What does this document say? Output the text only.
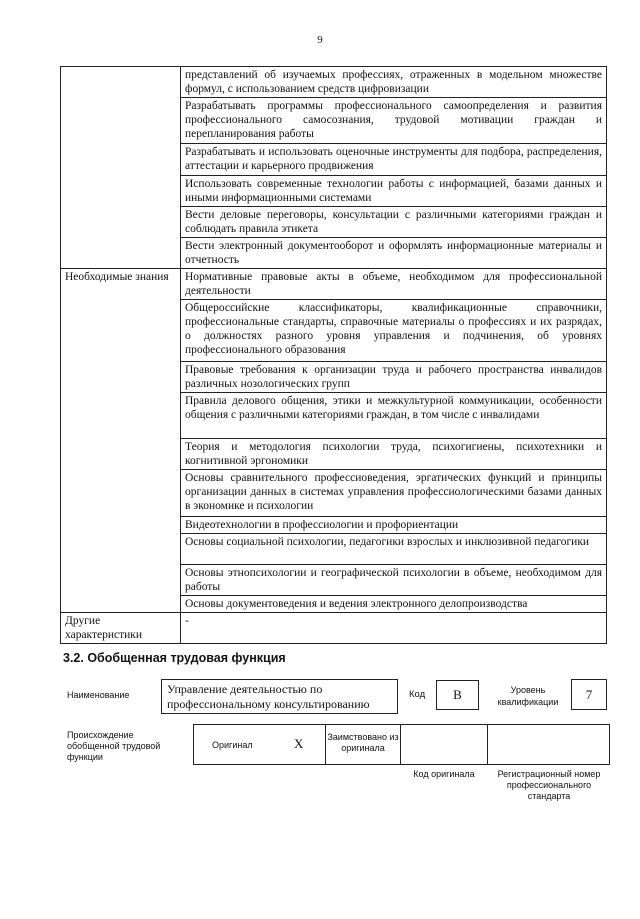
9
	представлений об изучаемых профессиях, отраженных в модельном множестве формул, с использованием средств цифровизации
	Разрабатывать программы профессионального самоопределения и развития профессионального самосознания, трудовой мотивации граждан и перепланирования работы
	Разрабатывать и использовать оценочные инструменты для подбора, распределения, аттестации и карьерного продвижения
	Использовать современные технологии работы с информацией, базами данных и иными информационными системами
	Вести деловые переговоры, консультации с различными категориями граждан и соблюдать правила этикета
	Вести электронный документооборот и оформлять информационные материалы и отчетность
Необходимые знания	Нормативные правовые акты в объеме, необходимом для профессиональной деятельности
	Общероссийские классификаторы, квалификационные справочники, профессиональные стандарты, справочные материалы о профессиях и их разрядах, о должностях разного уровня управления и подчинения, об уровнях профессионального образования
	Правовые требования к организации труда и рабочего пространства инвалидов различных нозологических групп
	Правила делового общения, этики и межкультурной коммуникации, особенности общения с различными категориями граждан, в том числе с инвалидами
	Теория и методология психологии труда, психогигиены, психотехники и когнитивной эргономики
	Основы сравнительного профессиоведения, эргатических функций и принципы организации данных в системах управления профессиологическими базами данных в экономике и психологии
	Видеотехнологии в профессиологии и профориентации
	Основы социальной психологии, педагогики взрослых и инклюзивной педагогики
	Основы этнопсихологии и географической психологии в объеме, необходимом для работы
	Основы документоведения и ведения электронного делопроизводства
Другие характеристики	-
3.2. Обобщенная трудовая функция
Наименование	Управление деятельностью по профессиональному консультированию
Код	B	Уровень квалификации	7
Происхождение обобщенной трудовой функции
Оригинал	X	Заимствовано из оригинала
Код оригинала	Регистрационный номер профессионального стандарта
